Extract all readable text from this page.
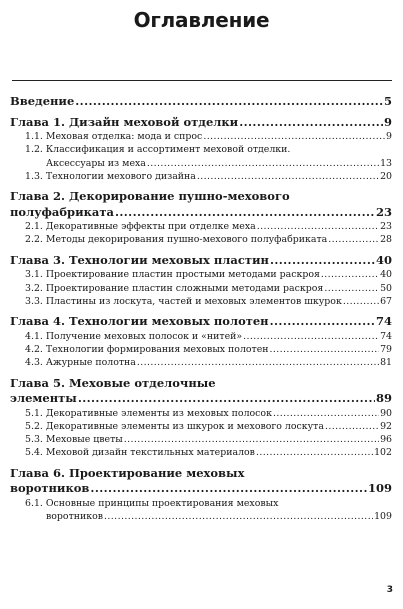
Оглавление
Введение .....	5
Глава 1. Дизайн меховой отделки .....	9
1.1. Меховая отделка: мода и спрос .....	9
1.2. Классификация и ассортимент меховой отделки.
Аксессуары из меха .....	13
1.3. Технологии мехового дизайна .....	20
Глава 2. Декорирование пушно-мехового
полуфабриката .....	23
2.1. Декоративные эффекты при отделке меха .....	23
2.2. Методы декорирования пушно-мехового полуфабриката .....	28
Глава 3. Технологии меховых пластин .....	40
3.1. Проектирование пластин простыми методами раскроя .....	40
3.2. Проектирование пластин сложными методами раскроя .....	50
3.3. Пластины из лоскута, частей и меховых элементов шкурок .....	67
Глава 4. Технологии меховых полотен .....	74
4.1. Получение меховых полосок и «нитей» .....	74
4.2. Технологии формирования меховых полотен .....	79
4.3. Ажурные полотна .....	81
Глава 5. Меховые отделочные
элементы .....	89
5.1. Декоративные элементы из меховых полосок .....	90
5.2. Декоративные элементы из шкурок и мехового лоскута .....	92
5.3. Меховые цветы .....	96
5.4. Меховой дизайн текстильных материалов .....	102
Глава 6. Проектирование меховых
воротников .....	109
6.1. Основные принципы проектирования меховых
воротников .....	109
3
